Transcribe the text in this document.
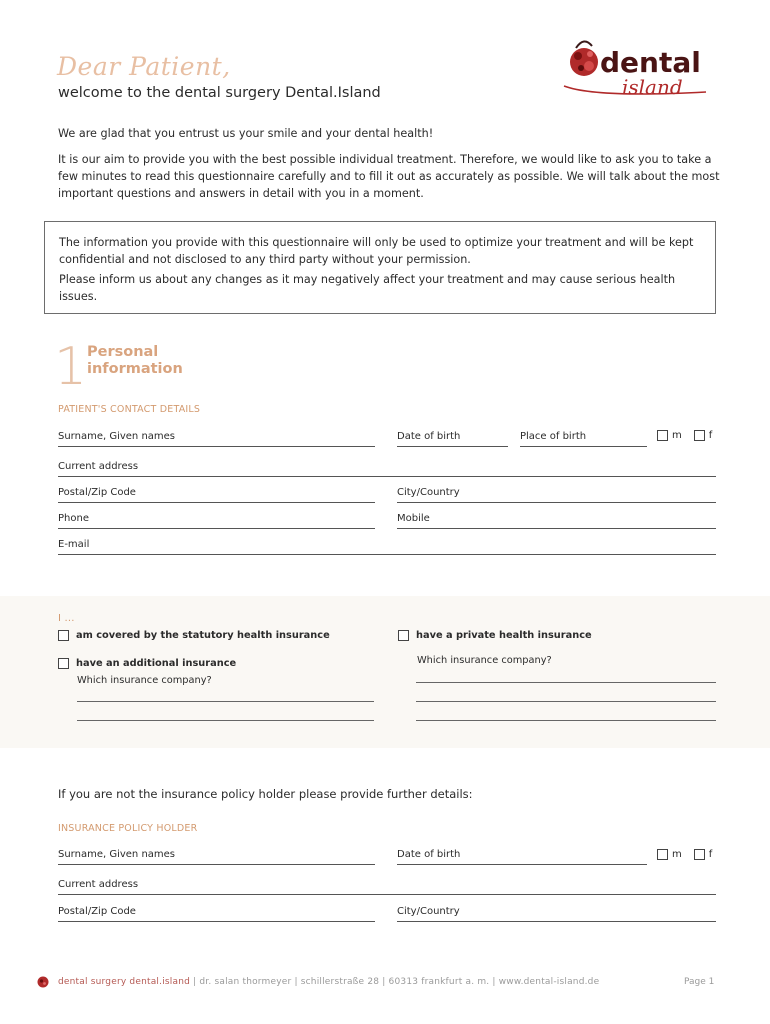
Dear Patient,
welcome to the dental surgery Dental.Island
dental
island
We are glad that you entrust us your smile and your dental health!
It is our aim to provide you with the best possible individual treatment. Therefore, we would like to ask you to take a few minutes to read this questionnaire carefully and to fill it out as accurately as possible. We will talk about the most important questions and answers in detail with you in a moment.

The information you provide with this questionnaire will only be used to optimize your treatment and will be kept confidential and not disclosed to any third party without your permission.

Please inform us about any changes as it may negatively affect your treatment and may cause serious health issues.

1 Personal
information
PATIENT'S CONTACT DETAILS
Surname, Given names	Date of birth	Place of birth	m	f
Current address
Postal/Zip Code	City/Country
Phone	Mobile
E-mail
I ...
am covered by the statutory health insurance	have a private health insurance
have an additional insurance
Which insurance company?
Which insurance company?
If you are not the insurance policy holder please provide further details:
INSURANCE POLICY HOLDER
Surname, Given names	Date of birth	m	f
Current address
Postal/Zip Code	City/Country
dental surgery dental.island | dr. salan thormeyer | schillerstraße 28 | 60313 frankfurt a. m. | www.dental-island.de	Page 1
